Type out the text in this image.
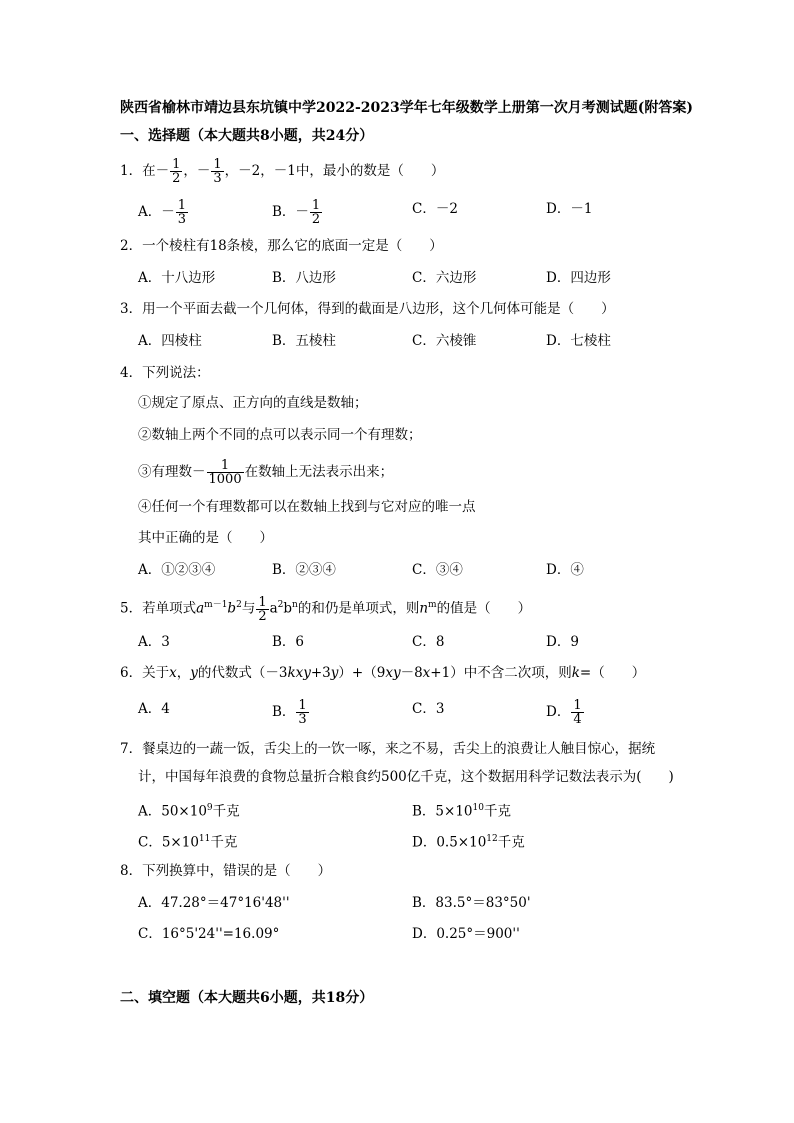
陕西省榆林市靖边县东坑镇中学2022-2023学年七年级数学上册第一次月考测试题(附答案)
一、选择题（本大题共8小题，共24分）
1．在－ $\frac{1}{2}$ ，－ $\frac{1}{3}$ ，－2，－1中，最小的数是（　　）
A．－ $\frac{1}{3}$	B．－ $\frac{1}{2}$	C．－2	D．－1
2．一个棱柱有18条棱，那么它的底面一定是（　　）
A．十八边形	B．八边形	C．六边形	D．四边形
3．用一个平面去截一个几何体，得到的截面是八边形，这个几何体可能是（　　）
A．四棱柱	B．五棱柱	C．六棱锥	D．七棱柱
4．下列说法：
①规定了原点、正方向的直线是数轴；
②数轴上两个不同的点可以表示同一个有理数；
③有理数－ $\frac{1}{1000}$ 在数轴上无法表示出来；
④任何一个有理数都可以在数轴上找到与它对应的唯一点
其中正确的是（　　）
A．①②③④	B．②③④	C．③④	D．④
5．若单项式$a^{m-1}b^2$与 $\frac{1}{2} a^2b^n$的和仍是单项式，则$n^m$的值是（　　）
A．3	B．6	C．8	D．9
6．关于x，y的代数式（－3kxy+3y）+（9xy－8x+1）中不含二次项，则k=（　　）
A．4	B． $\frac{1}{3}$	C．3	D． $\frac{1}{4}$
7．餐桌边的一蔬一饭，舌尖上的一饮一啄，来之不易，舌尖上的浪费让人触目惊心，据统
计，中国每年浪费的食物总量折合粮食约500亿千克，这个数据用科学记数法表示为(　　)
A．$50\times 10^9$千克	B．$5\times 10^{10}$千克
C．$5\times 10^{11}$千克	D．$0.5\times 10^{12}$千克
8．下列换算中，错误的是（　　）
A．47.28°＝47°16'48''	B．83.5°＝83°50'
C．16°5'24''=16.09°	D．0.25°＝900''
二、填空题（本大题共6小题，共18分）
